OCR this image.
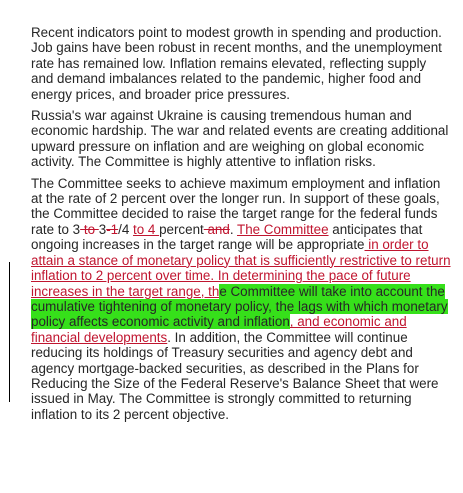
Recent indicators point to modest growth in spending and production. Job gains have been robust in recent months, and the unemployment rate has remained low. Inflation remains elevated, reflecting supply and demand imbalances related to the pandemic, higher food and energy prices, and broader price pressures.

Russia's war against Ukraine is causing tremendous human and economic hardship. The war and related events are creating additional upward pressure on inflation and are weighing on global economic activity. The Committee is highly attentive to inflation risks.

The Committee seeks to achieve maximum employment and inflation at the rate of 2 percent over the longer run. In support of these goals, the Committee decided to raise the target range for the federal funds rate to 3 to 3-1/4 to 4 percent and. The Committee anticipates that ongoing increases in the target range will be appropriate in order to attain a stance of monetary policy that is sufficiently restrictive to return inflation to 2 percent over time. In determining the pace of future increases in the target range, the Committee will take into account the cumulative tightening of monetary policy, the lags with which monetary policy affects economic activity and inflation, and economic and financial developments. In addition, the Committee will continue reducing its holdings of Treasury securities and agency debt and agency mortgage-backed securities, as described in the Plans for Reducing the Size of the Federal Reserve's Balance Sheet that were issued in May. The Committee is strongly committed to returning inflation to its 2 percent objective.
